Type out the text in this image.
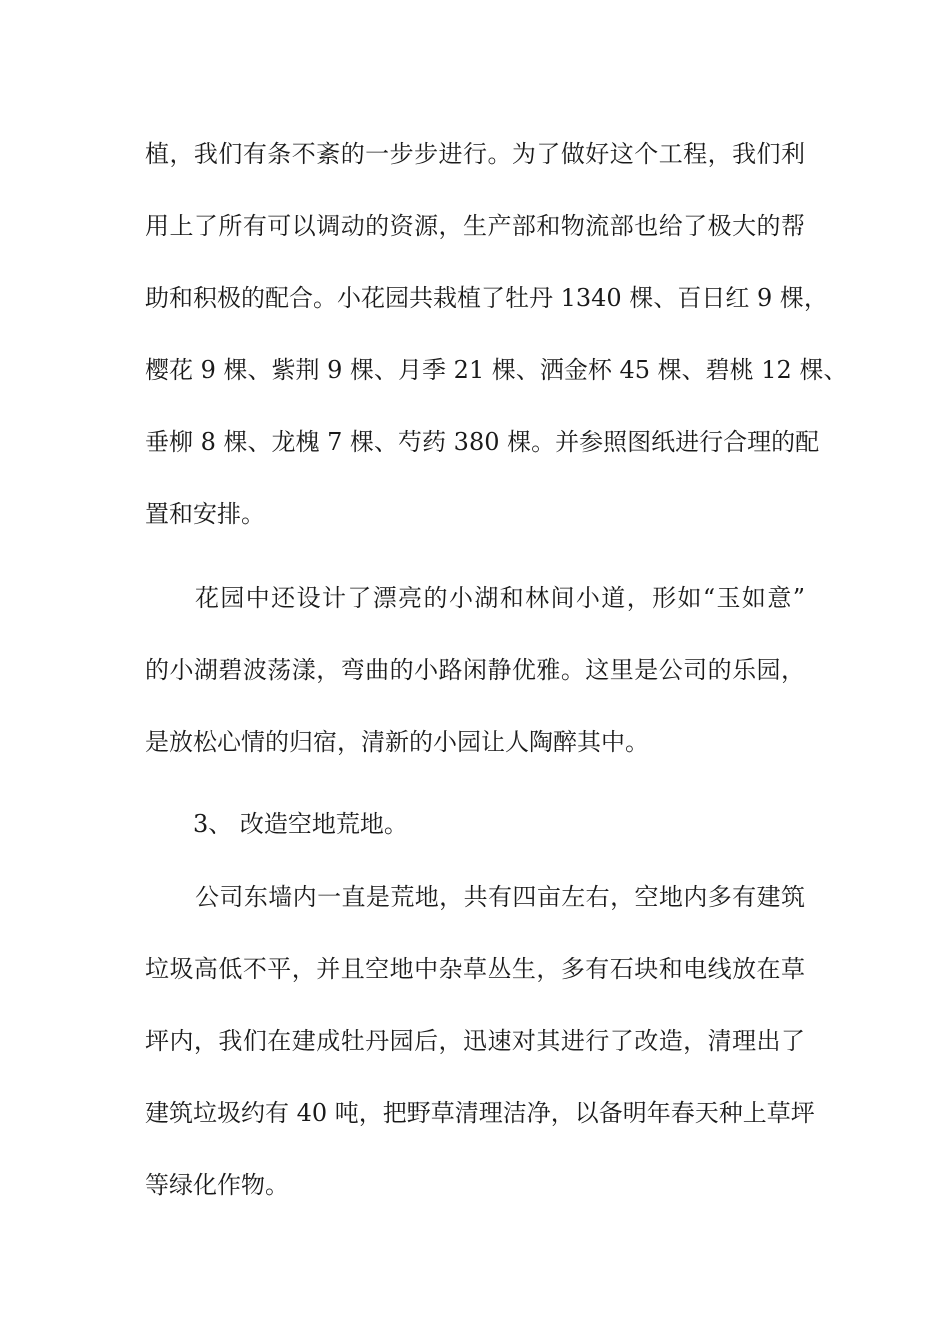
植，我们有条不紊的一步步进行。为了做好这个工程，我们利
用上了所有可以调动的资源，生产部和物流部也给了极大的帮
助和积极的配合。小花园共栽植了牡丹 1340 棵、百日红 9 棵，
樱花 9 棵、紫荆 9 棵、月季 21 棵、洒金杯 45 棵、碧桃 12 棵、
垂柳 8 棵、龙槐 7 棵、芍药 380 棵。并参照图纸进行合理的配
置和安排。
花园中还设计了漂亮的小湖和林间小道，形如“玉如意”
的小湖碧波荡漾，弯曲的小路闲静优雅。这里是公司的乐园，
是放松心情的归宿，清新的小园让人陶醉其中。
3、 改造空地荒地。
公司东墙内一直是荒地，共有四亩左右，空地内多有建筑
垃圾高低不平，并且空地中杂草丛生，多有石块和电线放在草
坪内，我们在建成牡丹园后，迅速对其进行了改造，清理出了
建筑垃圾约有 40 吨，把野草清理洁净，以备明年春天种上草坪
等绿化作物。
